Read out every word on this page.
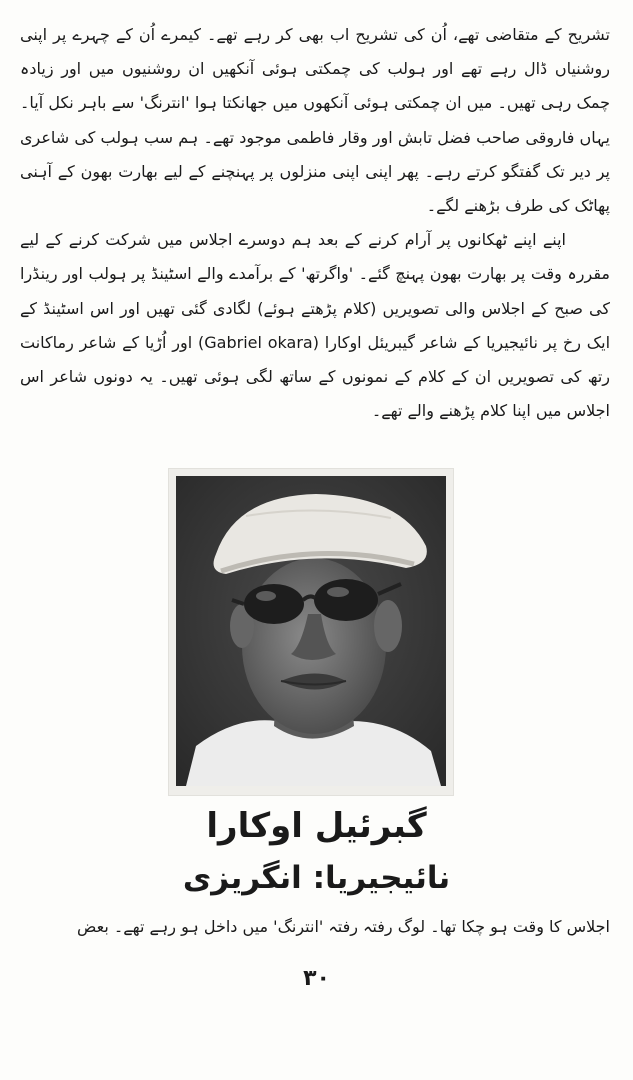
تشریح کے متقاضی تھے، اُن کی تشریح اب بھی کر رہے تھے۔ کیمرے اُن کے چہرے پر اپنی روشنیاں ڈال رہے تھے اور ہولب کی چمکتی ہوئی آنکھیں ان روشنیوں میں اور زیادہ چمک رہی تھیں۔ میں ان چمکتی ہوئی آنکھوں میں جھانکتا ہوا 'انترنگ' سے باہر نکل آیا۔ یہاں فاروقی صاحب فضل تابش اور وقار فاطمی موجود تھے۔ ہم سب ہولب کی شاعری پر دیر تک گفتگو کرتے رہے۔ پھر اپنی اپنی منزلوں پر پہنچنے کے لیے بھارت بھون کے آہنی پھاٹک کی طرف بڑھنے لگے۔

اپنے اپنے ٹھکانوں پر آرام کرنے کے بعد ہم دوسرے اجلاس میں شرکت کرنے کے لیے مقررہ وقت پر بھارت بھون پہنچ گئے۔ 'واگرتھ' کے برآمدے والے اسٹینڈ پر ہولب اور رینڈرا کی صبح کے اجلاس والی تصویریں (کلام پڑھتے ہوئے) لگادی گئی تھیں اور اس اسٹینڈ کے ایک رخ پر نائیجیریا کے شاعر گیبریئل اوکارا (Gabriel okara) اور اُڑیا کے شاعر رماکانت رتھ کی تصویریں ان کے کلام کے نمونوں کے ساتھ لگی ہوئی تھیں۔ یہ دونوں شاعر اس اجلاس میں اپنا کلام پڑھنے والے تھے۔

گبرئیل اوکارا
نائیجیریا: انگریزی
اجلاس کا وقت ہو چکا تھا۔ لوگ رفتہ رفتہ 'انترنگ' میں داخل ہو رہے تھے۔ بعض
۳۰
